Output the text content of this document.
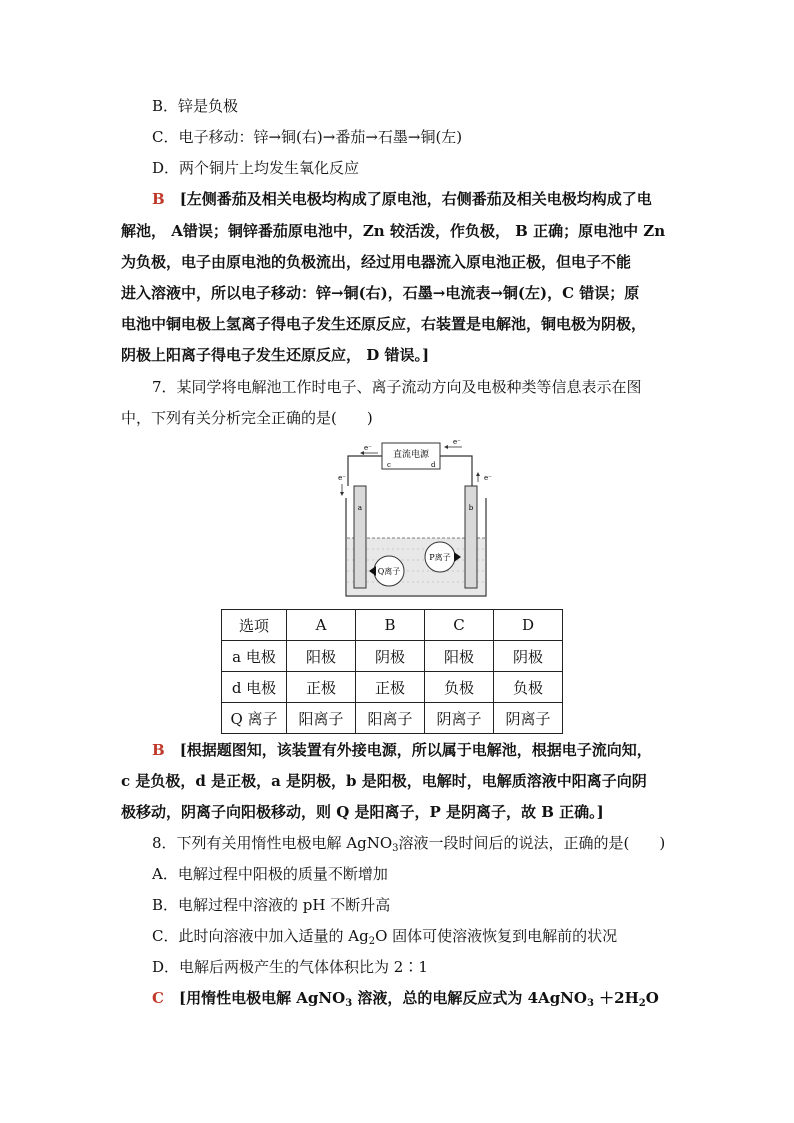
B．锌是负极
C．电子移动：锌→铜(右)→番茄→石墨→铜(左)
D．两个铜片上均发生氧化反应
B　 [左侧番茄及相关电极均构成了原电池，右侧番茄及相关电极均构成了电
解池， A错误；铜锌番茄原电池中，Zn 较活泼，作负极， B 正确；原电池中 Zn
为负极，电子由原电池的负极流出，经过用电器流入原电池正极，但电子不能
进入溶液中，所以电子移动：锌→铜(右)，石墨→电流表→铜(左)，C 错误；原
电池中铜电极上氢离子得电子发生还原反应，右装置是电解池，铜电极为阴极，
阴极上阳离子得电子发生还原反应， D 错误。]
7．某同学将电解池工作时电子、离子流动方向及电极种类等信息表示在图
中，下列有关分析完全正确的是(　　)
直流电源
c	d
e⁻
e⁻
e⁻	e⁻
a	b
Q离子
P离子
选项	A	B	C	D
a 电极	阳极	阴极	阳极	阴极
d 电极	正极	正极	负极	负极
Q 离子	阳离子	阳离子	阴离子	阴离子
B　 [根据题图知，该装置有外接电源，所以属于电解池，根据电子流向知，
c 是负极，d 是正极，a 是阴极，b 是阳极，电解时，电解质溶液中阳离子向阴
极移动，阴离子向阳极移动，则 Q 是阳离子，P 是阴离子，故 B 正确。]
8．下列有关用惰性电极电解 AgNO$_3$溶液一段时间后的说法，正确的是(　　)
A．电解过程中阳极的质量不断增加
B．电解过程中溶液的 pH 不断升高
C．此时向溶液中加入适量的 $Ag_2O$ 固体可使溶液恢复到电解前的状况
D．电解后两极产生的气体体积比为 2∶1
C　 [用惰性电极电解 AgNO$_3$ 溶液，总的电解反应式为 4AgNO$_3$ $+2H_2O$
